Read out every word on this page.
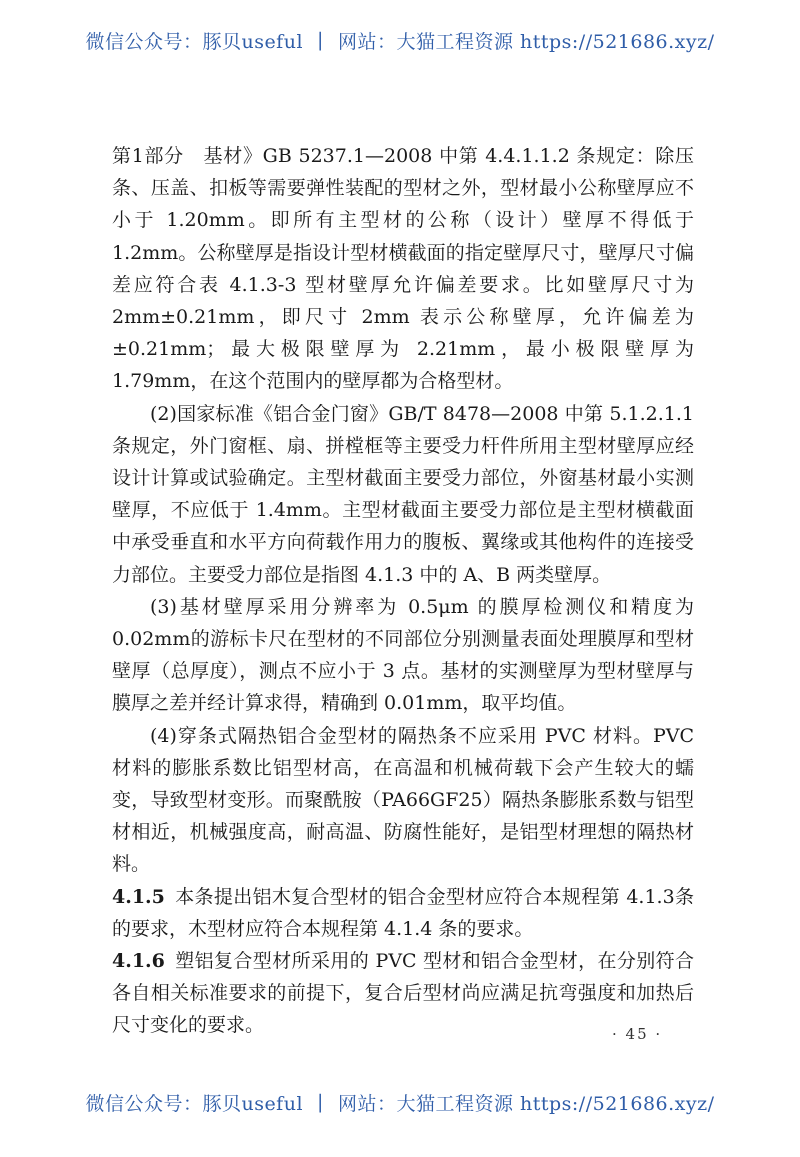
微信公众号：豚贝useful | 网站：大猫工程资源 https://521686.xyz/

第1部分　基材》GB 5237.1—2008 中第 4.4.1.1.2 条规定：除压条、压盖、扣板等需要弹性装配的型材之外，型材最小公称壁厚应不小于 1.20mm。即所有主型材的公称（设计）壁厚不得低于 1.2mm。公称壁厚是指设计型材横截面的指定壁厚尺寸，壁厚尺寸偏差应符合表 4.1.3-3 型材壁厚允许偏差要求。比如壁厚尺寸为 2mm±0.21mm，即尺寸 2mm 表示公称壁厚，允许偏差为 ±0.21mm；最大极限壁厚为 2.21mm，最小极限壁厚为 1.79mm，在这个范围内的壁厚都为合格型材。

(2)国家标准《铝合金门窗》GB/T 8478—2008 中第 5.1.2.1.1 条规定，外门窗框、扇、拼樘框等主要受力杆件所用主型材壁厚应经设计计算或试验确定。主型材截面主要受力部位，外窗基材最小实测壁厚，不应低于 1.4mm。主型材截面主要受力部位是主型材横截面中承受垂直和水平方向荷载作用力的腹板、翼缘或其他构件的连接受力部位。主要受力部位是指图 4.1.3 中的 A、B 两类壁厚。

(3)基材壁厚采用分辨率为 0.5μm 的膜厚检测仪和精度为 0.02mm的游标卡尺在型材的不同部位分别测量表面处理膜厚和型材壁厚（总厚度），测点不应小于 3 点。基材的实测壁厚为型材壁厚与膜厚之差并经计算求得，精确到 0.01mm，取平均值。

(4)穿条式隔热铝合金型材的隔热条不应采用 PVC 材料。PVC 材料的膨胀系数比铝型材高，在高温和机械荷载下会产生较大的蠕变，导致型材变形。而聚酰胺（PA66GF25）隔热条膨胀系数与铝型材相近，机械强度高，耐高温、防腐性能好，是铝型材理想的隔热材料。

4.1.5 本条提出铝木复合型材的铝合金型材应符合本规程第 4.1.3条的要求，木型材应符合本规程第 4.1.4 条的要求。

4.1.6 塑铝复合型材所采用的 PVC 型材和铝合金型材，在分别符合各自相关标准要求的前提下，复合后型材尚应满足抗弯强度和加热后尺寸变化的要求。	· 45 ·
微信公众号：豚贝useful | 网站：大猫工程资源 https://521686.xyz/
